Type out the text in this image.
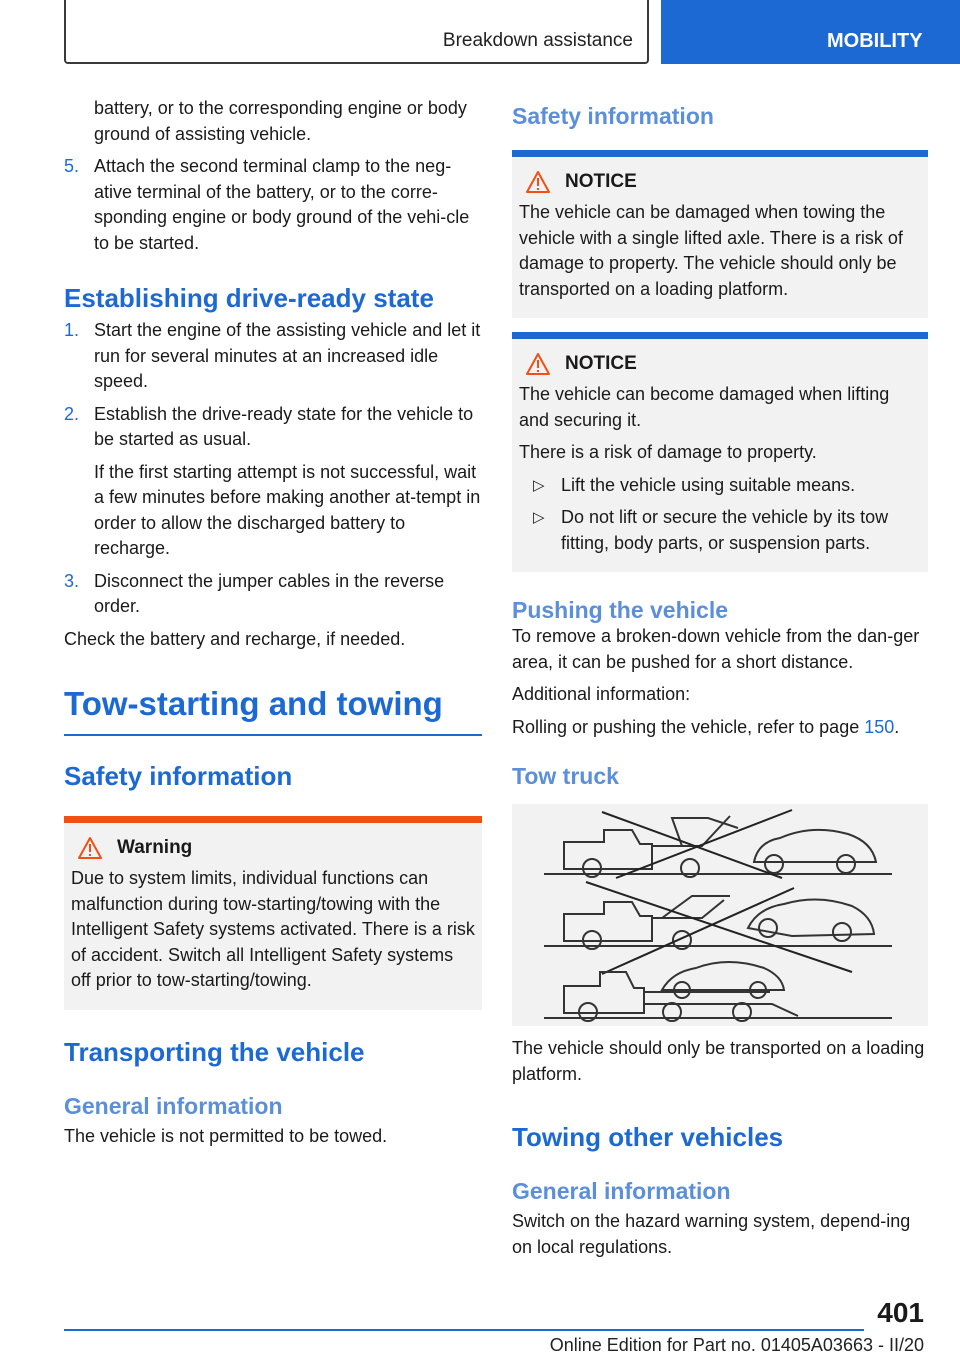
Breakdown assistance	MOBILITY

battery, or to the corresponding engine or body ground of assisting vehicle.

5. Attach the second terminal clamp to the neg‐ative terminal of the battery, or to the corre‐sponding engine or body ground of the vehi‐cle to be started.
Establishing drive-ready state
1. Start the engine of the assisting vehicle and let it run for several minutes at an increased idle speed.
2. Establish the drive-ready state for the vehicle to be started as usual.

If the first starting attempt is not successful, wait a few minutes before making another at‐tempt in order to allow the discharged battery to recharge.

3. Disconnect the jumper cables in the reverse order.

Check the battery and recharge, if needed.

Tow-starting and towing
Safety information
Warning

Due to system limits, individual functions can malfunction during tow-starting/towing with the Intelligent Safety systems activated. There is a risk of accident. Switch all Intelligent Safety systems off prior to tow-starting/towing.

Transporting the vehicle
General information

The vehicle is not permitted to be towed.

Safety information
NOTICE

The vehicle can be damaged when towing the vehicle with a single lifted axle. There is a risk of damage to property. The vehicle should only be transported on a loading platform.

NOTICE

The vehicle can become damaged when lifting and securing it.

There is a risk of damage to property.

▷ Lift the vehicle using suitable means.
▷ Do not lift or secure the vehicle by its tow fitting, body parts, or suspension parts.
Pushing the vehicle

To remove a broken-down vehicle from the dan‐ger area, it can be pushed for a short distance.

Additional information:

Rolling or pushing the vehicle, refer to page 150.

Tow truck

The vehicle should only be transported on a loading platform.

Towing other vehicles
General information

Switch on the hazard warning system, depend‐ing on local regulations.

401
Online Edition for Part no. 01405A03663 - II/20
